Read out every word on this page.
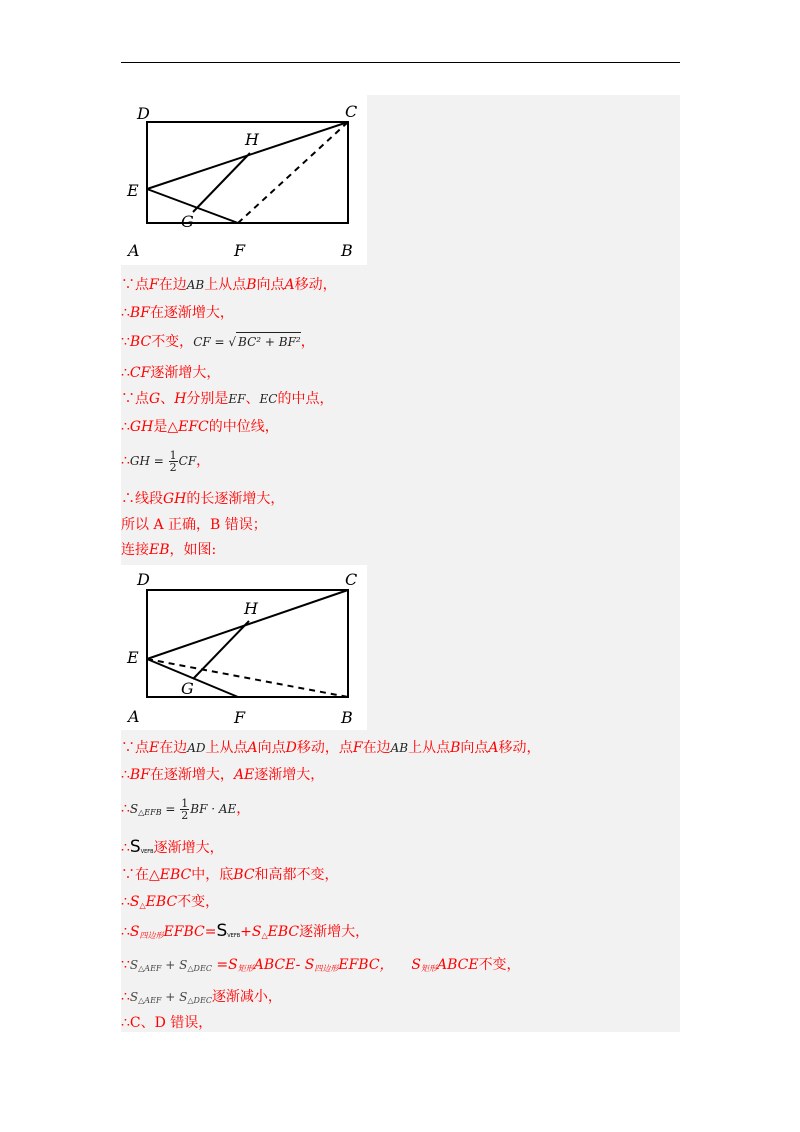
D	C
H
E
G
A	F	B
∵点F在边AB上从点B向点A移动，
∴BF在逐渐增大，
∵BC不变，CF = √ BC² + BF²，
∴CF逐渐增大，
∵点G、H分别是EF、EC的中点，
∴GH是△EFC的中位线，
∴GH = $\frac{1}{2}$ CF，
∴线段GH的长逐渐增大，
所以 A 正确，B 错误；
连接EB，如图:
D	C
H
E
G
A	F	B
∵点E在边AD上从点A向点D移动，点F在边AB上从点B向点A移动，
∴BF在逐渐增大，AE逐渐增大，
$\therefore S_{\triangle EFB} = \frac{1}{2}$ BF · AE，
∴SVEFB逐渐增大，
∵在△EBC中，底BC和高都不变，
$\therefore S_\triangle EBC$不变，
$\therefore S_{四边形}EFBC=SVEFB+S_\triangle EBC$逐渐增大，
$\because S_{\triangle AEF} + S_{\triangle DEC}$ $=S_{矩形}ABCE-$ $S_{四边形}EFBC$， $S_{矩形}ABCE$不变，
$\therefore S_{\triangle AEF} + S_{\triangle DEC}$逐渐减小，
∴C、D 错误，
